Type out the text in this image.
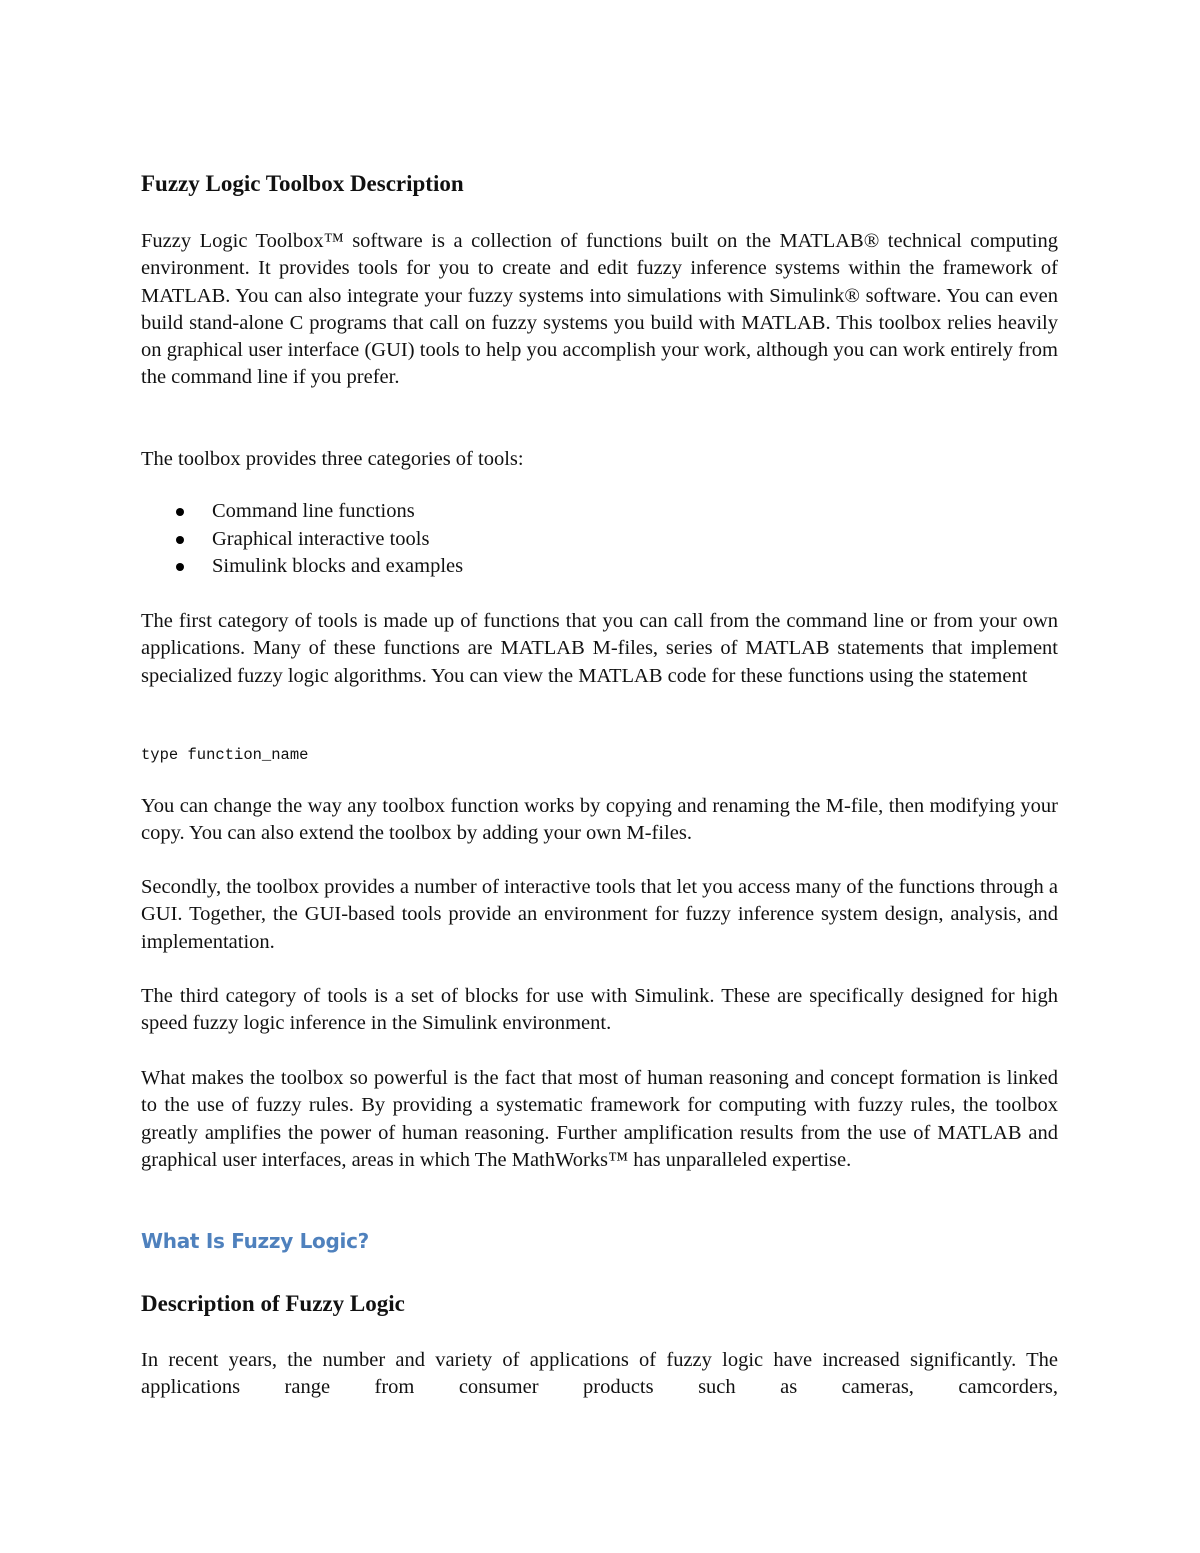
Fuzzy Logic Toolbox Description

Fuzzy Logic Toolbox™ software is a collection of functions built on the MATLAB® technical computing environment. It provides tools for you to create and edit fuzzy inference systems within the framework of MATLAB. You can also integrate your fuzzy systems into simulations with Simulink® software. You can even build stand-alone C programs that call on fuzzy systems you build with MATLAB. This toolbox relies heavily on graphical user interface (GUI) tools to help you accomplish your work, although you can work entirely from the command line if you prefer.

The toolbox provides three categories of tools:

Command line functions
Graphical interactive tools
Simulink blocks and examples

The first category of tools is made up of functions that you can call from the command line or from your own applications. Many of these functions are MATLAB M-files, series of MATLAB statements that implement specialized fuzzy logic algorithms. You can view the MATLAB code for these functions using the statement

type function_name

You can change the way any toolbox function works by copying and renaming the M-file, then modifying your copy. You can also extend the toolbox by adding your own M-files.

Secondly, the toolbox provides a number of interactive tools that let you access many of the functions through a GUI. Together, the GUI-based tools provide an environment for fuzzy inference system design, analysis, and implementation.

The third category of tools is a set of blocks for use with Simulink. These are specifically designed for high speed fuzzy logic inference in the Simulink environment.

What makes the toolbox so powerful is the fact that most of human reasoning and concept formation is linked to the use of fuzzy rules. By providing a systematic framework for computing with fuzzy rules, the toolbox greatly amplifies the power of human reasoning. Further amplification results from the use of MATLAB and graphical user interfaces, areas in which The MathWorks™ has unparalleled expertise.

What Is Fuzzy Logic?
Description of Fuzzy Logic

In recent years, the number and variety of applications of fuzzy logic have increased significantly. The applications range from consumer products such as cameras, camcorders,
